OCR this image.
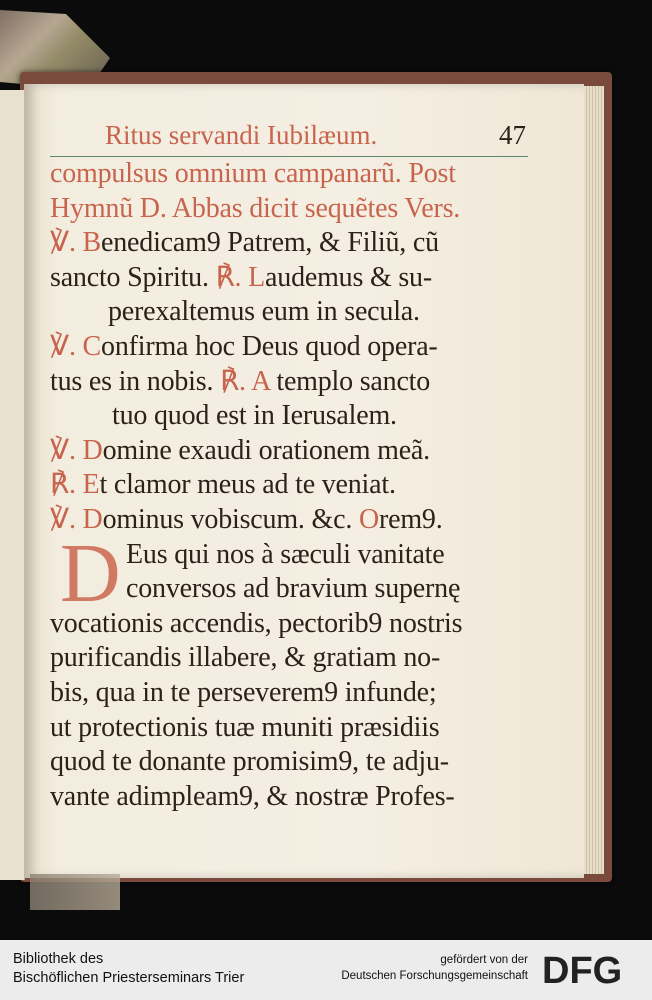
Ritus servandi Iubilæum.	47
compulsus omnium campanarũ. Post
Hymnũ D. Abbas dicit sequẽtes Vers.
℣. Benedicam9 Patrem, & Filiũ, cũ
sancto Spiritu. ℟. Laudemus & su-
perexaltemus eum in secula.
℣. Confirma hoc Deus quod opera-
tus es in nobis. ℟. A templo sancto
tuo quod est in Ierusalem.
℣. Domine exaudi orationem meã.
℟. Et clamor meus ad te veniat.
℣. Dominus vobiscum. &c. Orem9.
D Eus qui nos à sæculi vanitate
conversos ad bravium supernę
vocationis accendis, pectorib9 nostris
purificandis illabere, & gratiam no-
bis, qua in te perseverem9 infunde;
ut protectionis tuæ muniti præsidiis
quod te donante promisim9, te adju-
vante adimpleam9, & nostræ Profes-
Bibliothek des
Bischöflichen Priesterseminars Trier
gefördert von der
Deutschen Forschungsgemeinschaft DFG
